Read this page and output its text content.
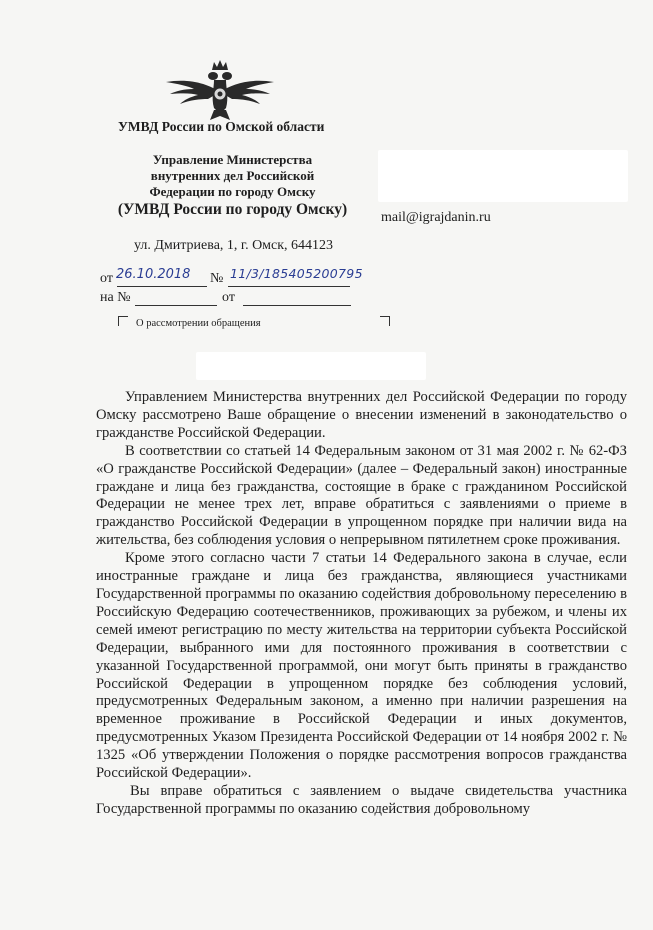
УМВД России по Омской области
Управление Министерства
внутренних дел Российской
Федерации по городу Омску
(УМВД России по городу Омску)
ул. Дмитриева, 1, г. Омск, 644123
mail@igrajdanin.ru
от 26.10.2018	№ 11/3/185405200795
на №	от
О рассмотрении обращения

Управлением Министерства внутренних дел Российской Федерации по городу Омску рассмотрено Ваше обращение о внесении изменений в законодательство о гражданстве Российской Федерации.

В соответствии со статьей 14 Федеральным законом от 31 мая 2002 г. № 62-ФЗ «О гражданстве Российской Федерации» (далее – Федеральный закон) иностранные граждане и лица без гражданства, состоящие в браке с гражданином Российской Федерации не менее трех лет, вправе обратиться с заявлениями о приеме в гражданство Российской Федерации в упрощенном порядке при наличии вида на жительства, без соблюдения условия о непрерывном пятилетнем сроке проживания.

Кроме этого согласно части 7 статьи 14 Федерального закона в случае, если иностранные граждане и лица без гражданства, являющиеся участниками Государственной программы по оказанию содействия добровольному переселению в Российскую Федерацию соотечественников, проживающих за рубежом, и члены их семей имеют регистрацию по месту жительства на территории субъекта Российской Федерации, выбранного ими для постоянного проживания в соответствии с указанной Государственной программой, они могут быть приняты в гражданство Российской Федерации в упрощенном порядке без соблюдения условий, предусмотренных Федеральным законом, а именно при наличии разрешения на временное проживание в Российской Федерации и иных документов, предусмотренных Указом Президента Российской Федерации от 14 ноября 2002 г. № 1325 «Об утверждении Положения о порядке рассмотрения вопросов гражданства Российской Федерации».

Вы вправе обратиться с заявлением о выдаче свидетельства участника Государственной программы по оказанию содействия добровольному
